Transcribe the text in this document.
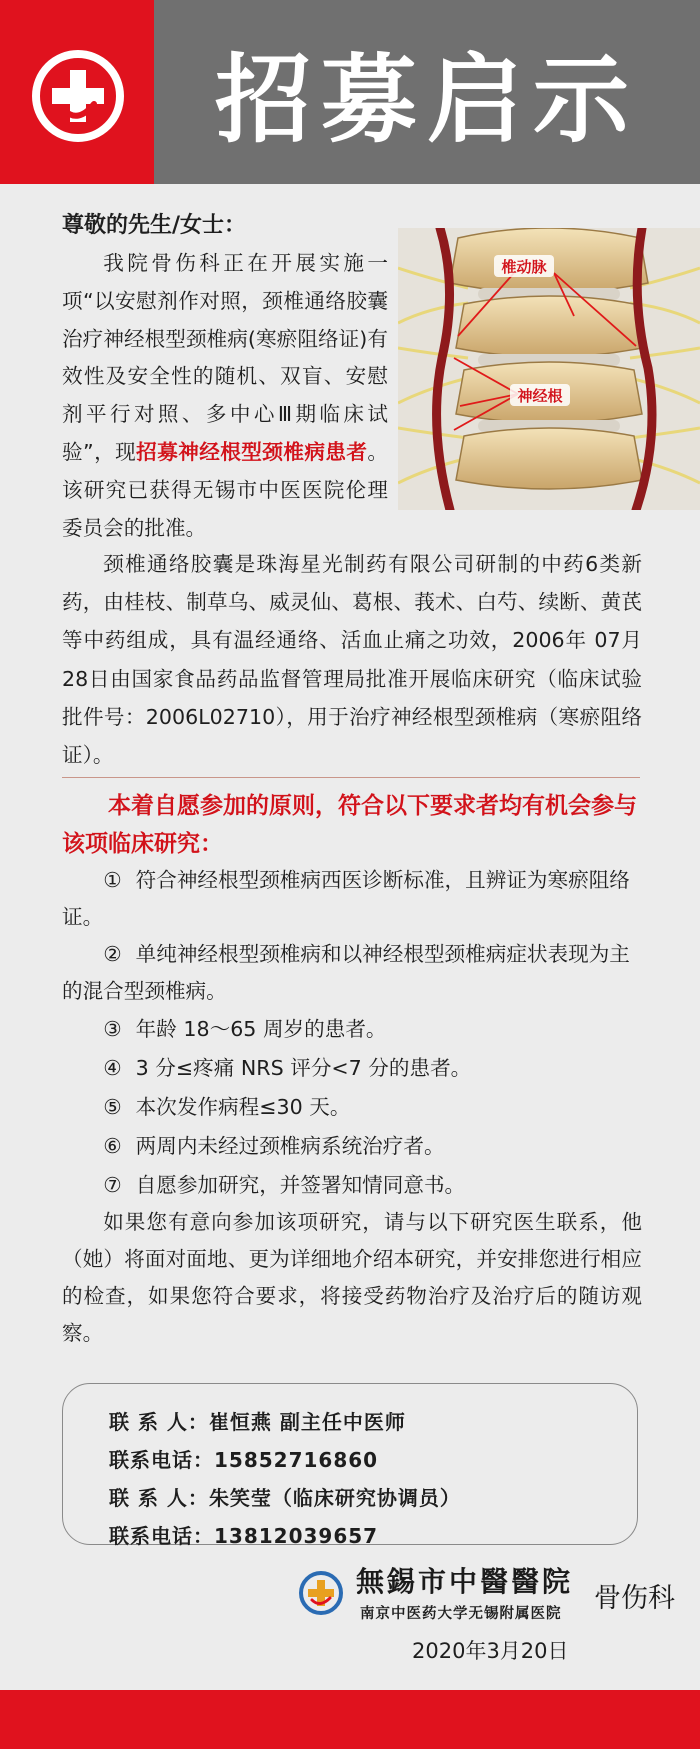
招募启示
尊敬的先生/女士：
我院骨伤科正在开展实施一项“以安慰剂作对照，颈椎通络胶囊治疗神经根型颈椎病(寒瘀阻络证)有效性及安全性的随机、双盲、安慰剂平行对照、多中心Ⅲ期临床试验”，现招募神经根型颈椎病患者。该研究已获得无锡市中医医院伦理委员会的批准。
椎动脉
神经根
颈椎通络胶囊是珠海星光制药有限公司研制的中药6类新药，由桂枝、制草乌、威灵仙、葛根、莪术、白芍、续断、黄芪等中药组成，具有温经通络、活血止痛之功效，2006年 07月 28日由国家食品药品监督管理局批准开展临床研究（临床试验批件号：2006L02710），用于治疗神经根型颈椎病（寒瘀阻络证）。
本着自愿参加的原则，符合以下要求者均有机会参与该项临床研究：
① 符合神经根型颈椎病西医诊断标准，且辨证为寒瘀阻络证。
② 单纯神经根型颈椎病和以神经根型颈椎病症状表现为主的混合型颈椎病。
③ 年龄 18～65 周岁的患者。
④ 3 分≤疼痛 NRS 评分<7 分的患者。
⑤ 本次发作病程≤30 天。
⑥ 两周内未经过颈椎病系统治疗者。
⑦ 自愿参加研究，并签署知情同意书。
如果您有意向参加该项研究，请与以下研究医生联系，他（她）将面对面地、更为详细地介绍本研究，并安排您进行相应的检查，如果您符合要求，将接受药物治疗及治疗后的随访观察。
联 系 人：崔恒燕 副主任中医师
联系电话：15852716860
联 系 人：朱笑莹（临床研究协调员）
联系电话：13812039657
無錫市中醫醫院
南京中医药大学无锡附属医院 骨伤科
2020年3月20日
